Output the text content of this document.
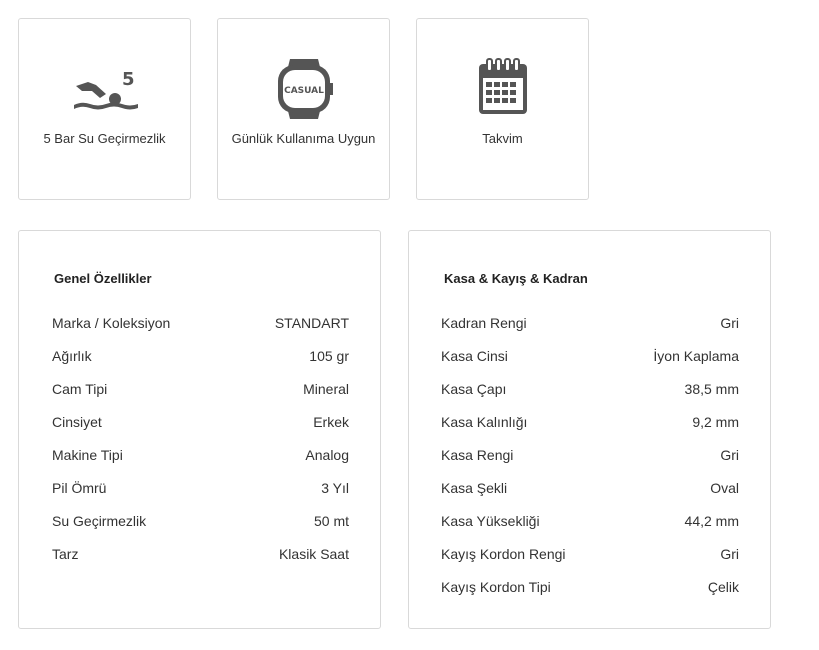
5
5 Bar Su Geçirmezlik
CASUAL
Günlük Kullanıma Uygun	Takvim
Genel Özellikler
Marka / Koleksiyon	STANDART
Ağırlık	105 gr
Cam Tipi	Mineral
Cinsiyet	Erkek
Makine Tipi	Analog
Pil Ömrü	3 Yıl
Su Geçirmezlik	50 mt
Tarz	Klasik Saat
Kasa & Kayış & Kadran
Kadran Rengi	Gri
Kasa Cinsi	İyon Kaplama
Kasa Çapı	38,5 mm
Kasa Kalınlığı	9,2 mm
Kasa Rengi	Gri
Kasa Şekli	Oval
Kasa Yüksekliği	44,2 mm
Kayış Kordon Rengi	Gri
Kayış Kordon Tipi	Çelik
